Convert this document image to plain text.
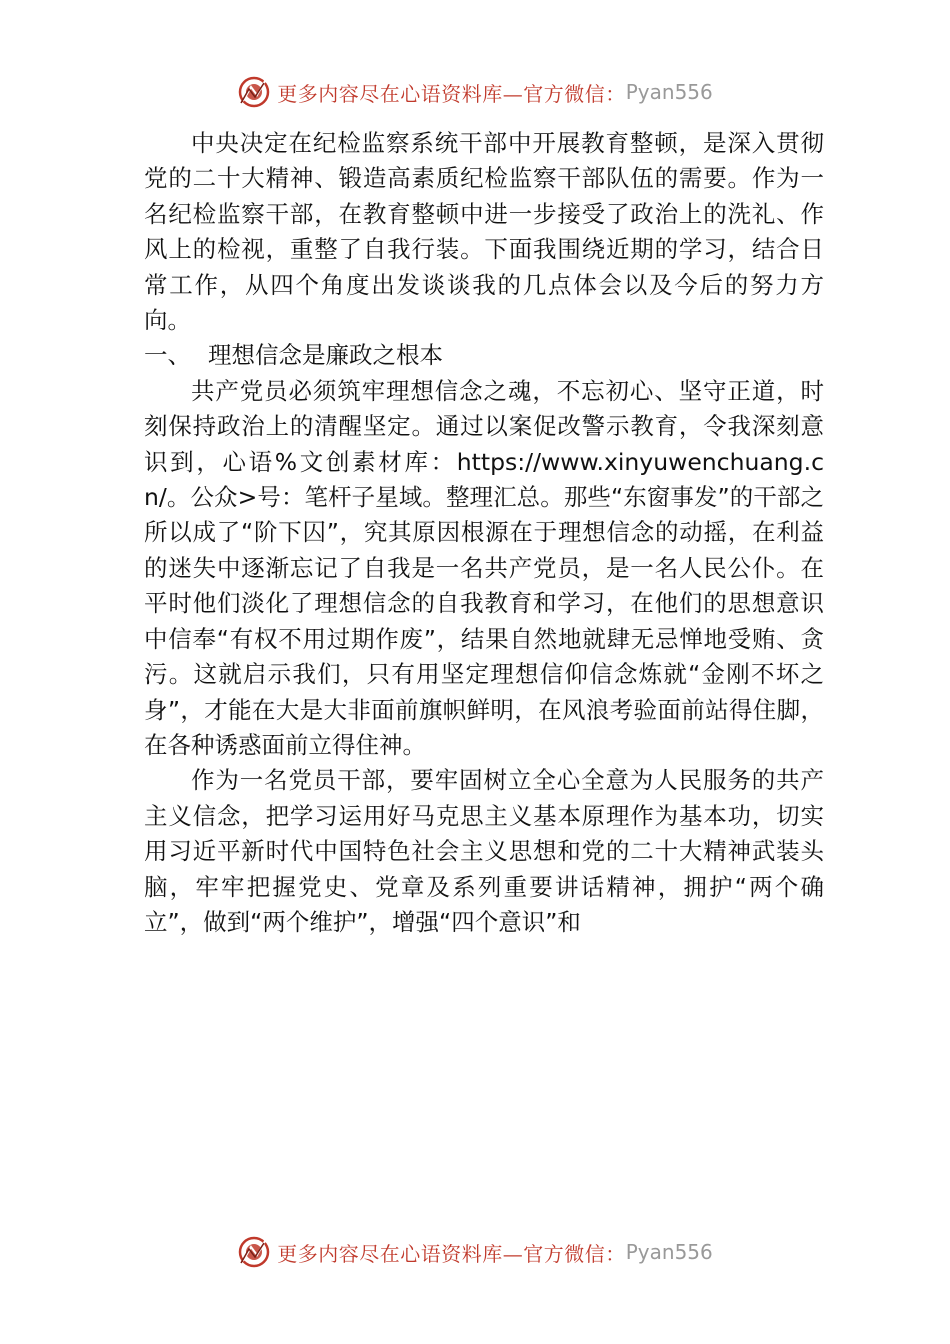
更多内容尽在心语资料库—官方微信： Pyan556

中央决定在纪检监察系统干部中开展教育整顿，是深入贯彻党的二十大精神、锻造高素质纪检监察干部队伍的需要。作为一名纪检监察干部，在教育整顿中进一步接受了政治上的洗礼、作风上的检视，重整了自我行装。下面我围绕近期的学习，结合日常工作，从四个角度出发谈谈我的几点体会以及今后的努力方向。

一、 理想信念是廉政之根本

共产党员必须筑牢理想信念之魂，不忘初心、坚守正道，时刻保持政治上的清醒坚定。通过以案促改警示教育，令我深刻意识到，心语%文创素材库：https://www.xinyuwenchuang.cn/。公众>号：笔杆子星域。整理汇总。那些“东窗事发”的干部之所以成了“阶下囚”，究其原因根源在于理想信念的动摇，在利益的迷失中逐渐忘记了自我是一名共产党员，是一名人民公仆。在平时他们淡化了理想信念的自我教育和学习，在他们的思想意识中信奉“有权不用过期作废”，结果自然地就肆无忌惮地受贿、贪污。这就启示我们，只有用坚定理想信仰信念炼就“金刚不坏之身”，才能在大是大非面前旗帜鲜明，在风浪考验面前站得住脚，在各种诱惑面前立得住神。

作为一名党员干部，要牢固树立全心全意为人民服务的共产主义信念，把学习运用好马克思主义基本原理作为基本功，切实用习近平新时代中国特色社会主义思想和党的二十大精神武装头脑，牢牢把握党史、党章及系列重要讲话精神，拥护“两个确立”，做到“两个维护”，增强“四个意识”和

更多内容尽在心语资料库—官方微信： Pyan556
